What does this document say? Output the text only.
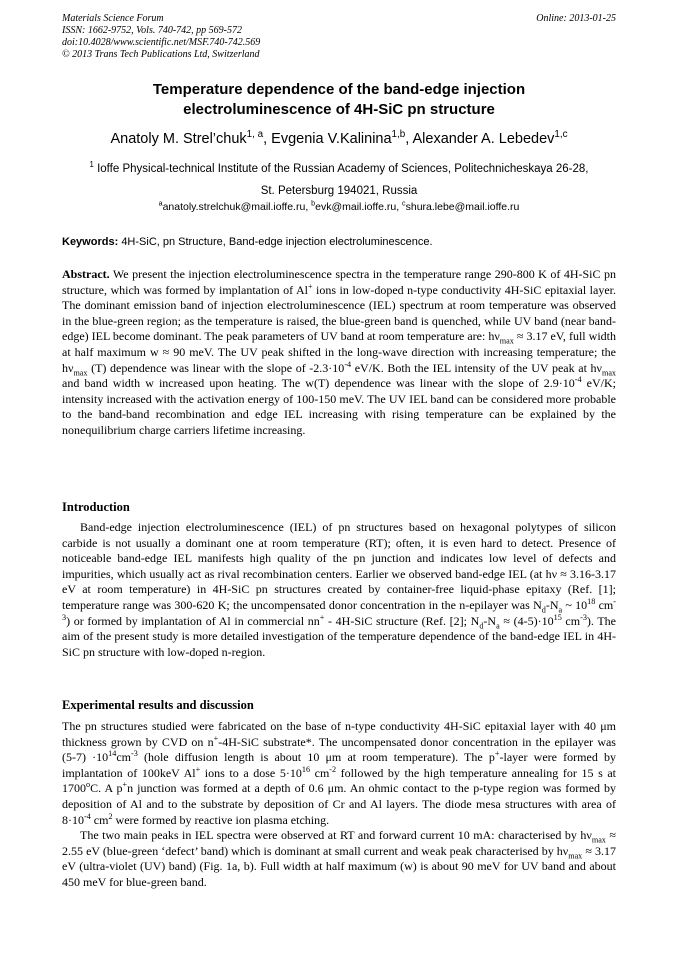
Materials Science Forum
ISSN: 1662-9752, Vols. 740-742, pp 569-572
doi:10.4028/www.scientific.net/MSF.740-742.569
© 2013 Trans Tech Publications Ltd, Switzerland
Online: 2013-01-25
Temperature dependence of the band-edge injection
electroluminescence of 4H-SiC pn structure
Anatoly M. Strel’chuk$^{1, a}$, Evgenia V.Kalinina$^{1,b}$, Alexander A. Lebedev$^{1,c}$
$^1$ Ioffe Physical-technical Institute of the Russian Academy of Sciences, Politechnicheskaya 26-28,
St. Petersburg 194021, Russia
$^a$anatoly.strelchuk@mail.ioffe.ru, $^b$evk@mail.ioffe.ru, $^c$shura.lebe@mail.ioffe.ru
Keywords: 4H-SiC, pn Structure, Band-edge injection electroluminescence.

Abstract. We present the injection electroluminescence spectra in the temperature range 290-800 K of 4H-SiC pn structure, which was formed by implantation of Al+ ions in low-doped n-type conductivity 4H-SiC epitaxial layer. The dominant emission band of injection electroluminescence (IEL) spectrum at room temperature was observed in the blue-green region; as the temperature is raised, the blue-green band is quenched, while UV band (near band-edge) IEL become dominant. The peak parameters of UV band at room temperature are: $h\nu_{max} \approx 3.17$ eV, full width at half maximum w ≈ 90 meV. The UV peak shifted in the long-wave direction with increasing temperature; the $h\nu_{max}$ (T) dependence was linear with the slope of $-2.3\cdot 10^{-4}$ eV/K. Both the IEL intensity of the UV peak at $h\nu_{max}$ and band width w increased upon heating. The w(T) dependence was linear with the slope of $2.9\cdot 10^{-4}$ eV/K; intensity increased with the activation energy of 100-150 meV. The UV IEL band can be considered more probable to the band-band recombination and edge IEL increasing with rising temperature can be explained by the nonequilibrium charge carriers lifetime increasing.

Introduction

Band-edge injection electroluminescence (IEL) of pn structures based on hexagonal polytypes of silicon carbide is not usually a dominant one at room temperature (RT); often, it is even hard to detect. Presence of noticeable band-edge IEL manifests high quality of the pn junction and indicates low level of defects and impurities, which usually act as rival recombination centers. Earlier we observed band-edge IEL (at hν ≈ 3.16-3.17 eV at room temperature) in 4H-SiC pn structures created by container-free liquid-phase epitaxy (Ref. [1]; temperature range was 300-620 K; the uncompensated donor concentration in the n-epilayer was $N_d-N_a$ ~ $10^{18}$ $cm^{-3}$) or formed by implantation of Al in commercial nn+ - 4H-SiC structure (Ref. [2]; $N_d-N_a \approx (4-5)\cdot 10^{15}$ $cm^{-3}$). The aim of the present study is more detailed investigation of the temperature dependence of the band-edge IEL in 4H-SiC pn structure with low-doped n-region.

Experimental results and discussion

The pn structures studied were fabricated on the base of n-type conductivity 4H-SiC epitaxial layer with 40 μm thickness grown by CVD on n+-4H-SiC substrate*. The uncompensated donor concentration in the epilayer was $(5-7) \cdot 10^{14}cm^{-3}$ (hole diffusion length is about 10 μm at room temperature). The p+-layer were formed by implantation of 100keV Al+ ions to a dose $5\cdot 10^{16}$ $cm^{-2}$ followed by the high temperature annealing for 15 s at 1700$^o$C. A p+n junction was formed at a depth of 0.6 μm. An ohmic contact to the p-type region was formed by deposition of Al and to the substrate by deposition of Cr and Al layers. The diode mesa structures with area of $8\cdot 10^{-4}$ $cm^2$ were formed by reactive ion plasma etching.

The two main peaks in IEL spectra were observed at RT and forward current 10 mA: characterised by $h\nu_{max} \approx 2.55$ eV (blue-green ‘defect’ band) which is dominant at small current and weak peak characterised by $h\nu_{max} \approx 3.17$ eV (ultra-violet (UV) band) (Fig. 1a, b). Full width at half maximum (w) is about 90 meV for UV band and about 450 meV for blue-green band.
